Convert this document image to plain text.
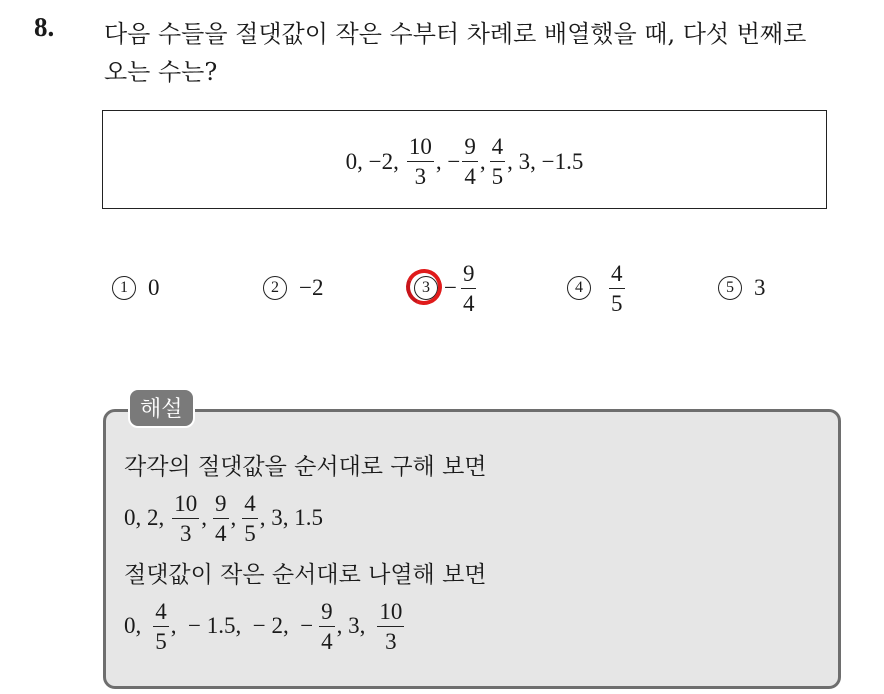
8. 다음 수들을 절댓값이 작은 수부터 차례로 배열했을 때, 다섯 번째로
오는 수는?
0, −2, $\frac{10}{3}$ , − $\frac{9}{4}$ , $\frac{4}{5}$ , 3, −1.5
1 0	2 −2	$3 - \frac{9}{4}$	4	$\frac{4}{5}$	5 3
해설
각각의 절댓값을 순서대로 구해 보면
0, 2, $\frac{10}{3}$ , $\frac{9}{4}$ , $\frac{4}{5}$ , 3, 1.5
절댓값이 작은 순서대로 나열해 보면
0, $\frac{4}{5}$ ,  − 1.5,  − 2,  − $\frac{9}{4}$ , 3, $\frac{10}{3}$
